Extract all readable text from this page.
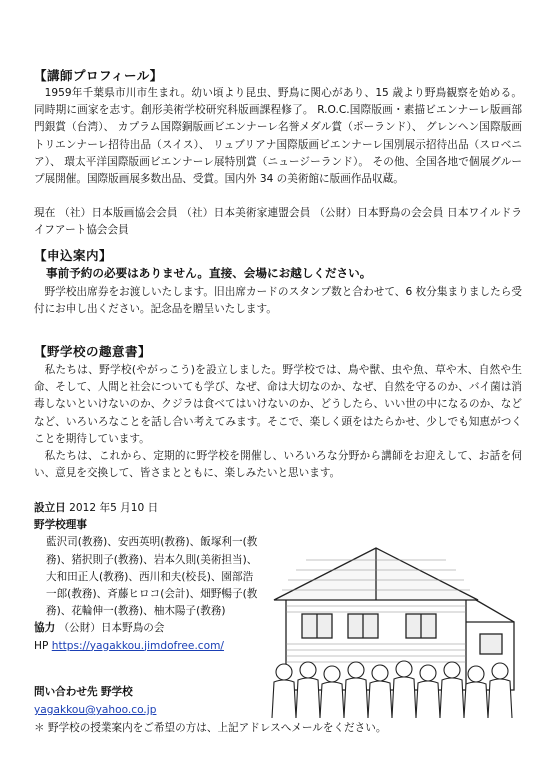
【講師プロフィール】

1959年千葉県市川市生まれ。幼い頃より昆虫、野鳥に関心があり、15 歳より野鳥観察を始める。同時期に画家を志す。創形美術学校研究科版画課程修了。 R.O.C.国際版画・素描ビエンナーレ版画部門銀賞（台湾）、 カプラム国際銅版画ビエンナーレ名誉メダル賞（ポーランド）、 グレンヘン国際版画トリエンナーレ招待出品（スイス）、 リュブリアナ国際版画ビエンナーレ国別展示招待出品（スロベニア）、 環太平洋国際版画ビエンナーレ展特別賞（ニュージーランド）。 その他、全国各地で個展グループ展開催。国際版画展多数出品、受賞。国内外 34 の美術館に版画作品収蔵。

現在 （社）日本版画協会会員 （社）日本美術家連盟会員 （公財）日本野鳥の会会員 日本ワイルドライフアート協会会員

【申込案内】

事前予約の必要はありません。直接、会場にお越しください。

野学校出席券をお渡しいたします。旧出席カードのスタンプ数と合わせて、6 枚分集まりましたら受付にお申し出ください。記念品を贈呈いたします。

【野学校の趣意書】

私たちは、野学校(やがっこう)を設立しました。野学校では、鳥や獣、虫や魚、草や木、自然や生命、そして、人間と社会についても学び、なぜ、命は大切なのか、なぜ、自然を守るのか、バイ菌は消毒しないといけないのか、クジラは食べてはいけないのか、どうしたら、いい世の中になるのか、などなど、いろいろなことを話し合い考えてみます。そこで、楽しく頭をはたらかせ、少しでも知恵がつくことを期待しています。

私たちは、これから、定期的に野学校を開催し、いろいろな分野から講師をお迎えして、お話を伺い、意見を交換して、皆さまとともに、楽しみたいと思います。

設立日 2012 年5 月10 日
野学校理事
藍沢司(教務)、安西英明(教務)、飯塚利一(教務)、猪択則子(教務)、岩本久則(美術担当)、大和田正人(教務)、西川和夫(校長)、園部浩一郎(教務)、斉藤ヒロコ(会計)、畑野暢子(教務)、花輪伸一(教務)、柚木陽子(教務)
協力 （公財）日本野鳥の会
HP https://yagakkou.jimdofree.com/
問い合わせ先 野学校
yagakkou@yahoo.co.jp
＊ 野学校の授業案内をご希望の方は、上記アドレスへメールをください。
